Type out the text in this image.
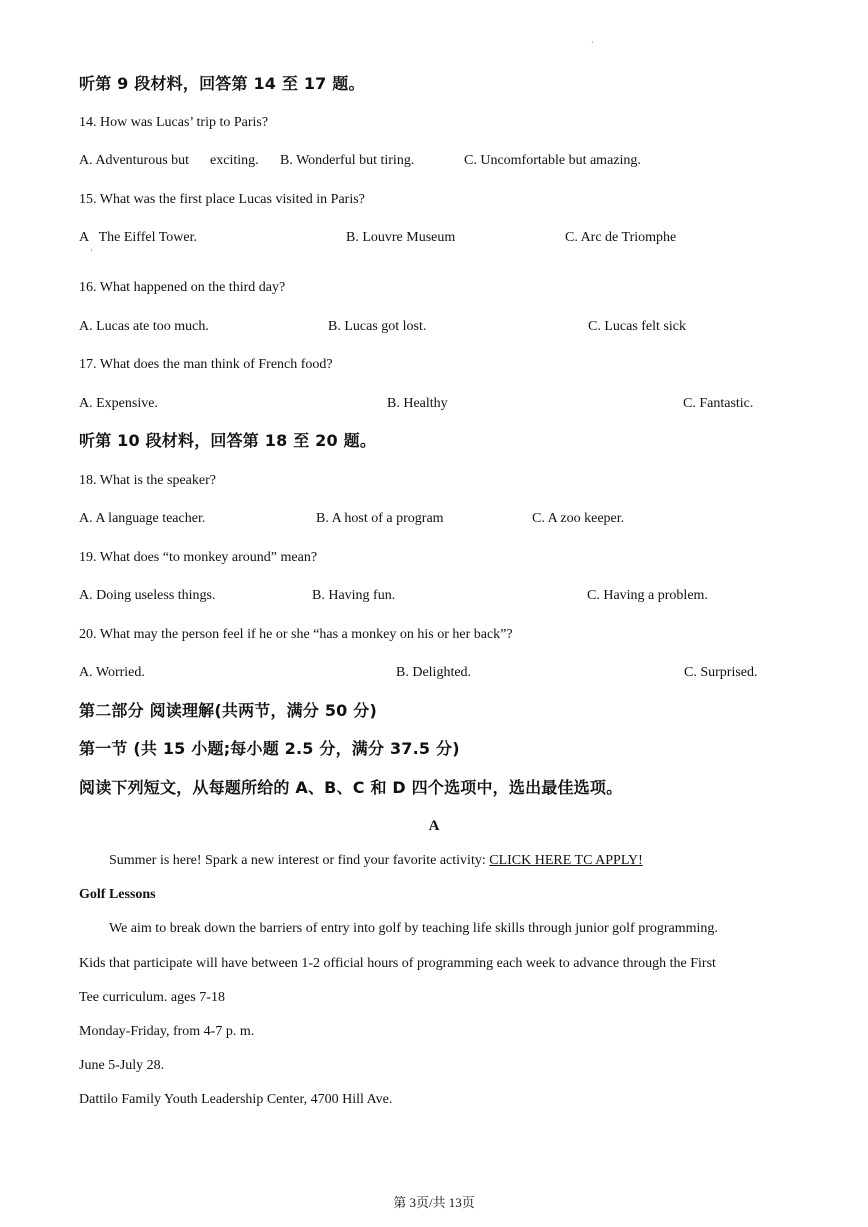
·
听第 9 段材料，回答第 14 至 17 题。
14. How was Lucas’ trip to Paris?
A. Adventurous but      exciting. B. Wonderful but tiring.	C. Uncomfortable but amazing.
15. What was the first place Lucas visited in Paris?
A   The Eiffel Tower.	B. Louvre Museum	C. Arc de Triomphe
'
16. What happened on the third day?
A. Lucas ate too much.	B. Lucas got lost.	C. Lucas felt sick
17. What does the man think of French food?
A. Expensive.	B. Healthy	C. Fantastic.
听第 10 段材料，回答第 18 至 20 题。
18. What is the speaker?
A. A language teacher.	B. A host of a program	C. A zoo keeper.
19. What does “to monkey around” mean?
A. Doing useless things.	B. Having fun.	C. Having a problem.
20. What may the person feel if he or she “has a monkey on his or her back”?
A. Worried.	B. Delighted.	C. Surprised.
第二部分 阅读理解(共两节，满分 50 分)
第一节 (共 15 小题;每小题 2.5 分，满分 37.5 分)
阅读下列短文，从每题所给的 A、B、C 和 D 四个选项中，选出最佳选项。
A
Summer is here! Spark a new interest or find your favorite activity: CLICK HERE TC APPLY!
Golf Lessons
We aim to break down the barriers of entry into golf by teaching life skills through junior golf programming.
Kids that participate will have between 1-2 official hours of programming each week to advance through the First
Tee curriculum. ages 7-18
Monday-Friday, from 4-7 p. m.
June 5-July 28.
Dattilo Family Youth Leadership Center, 4700 Hill Ave.
第 3页/共 13页
